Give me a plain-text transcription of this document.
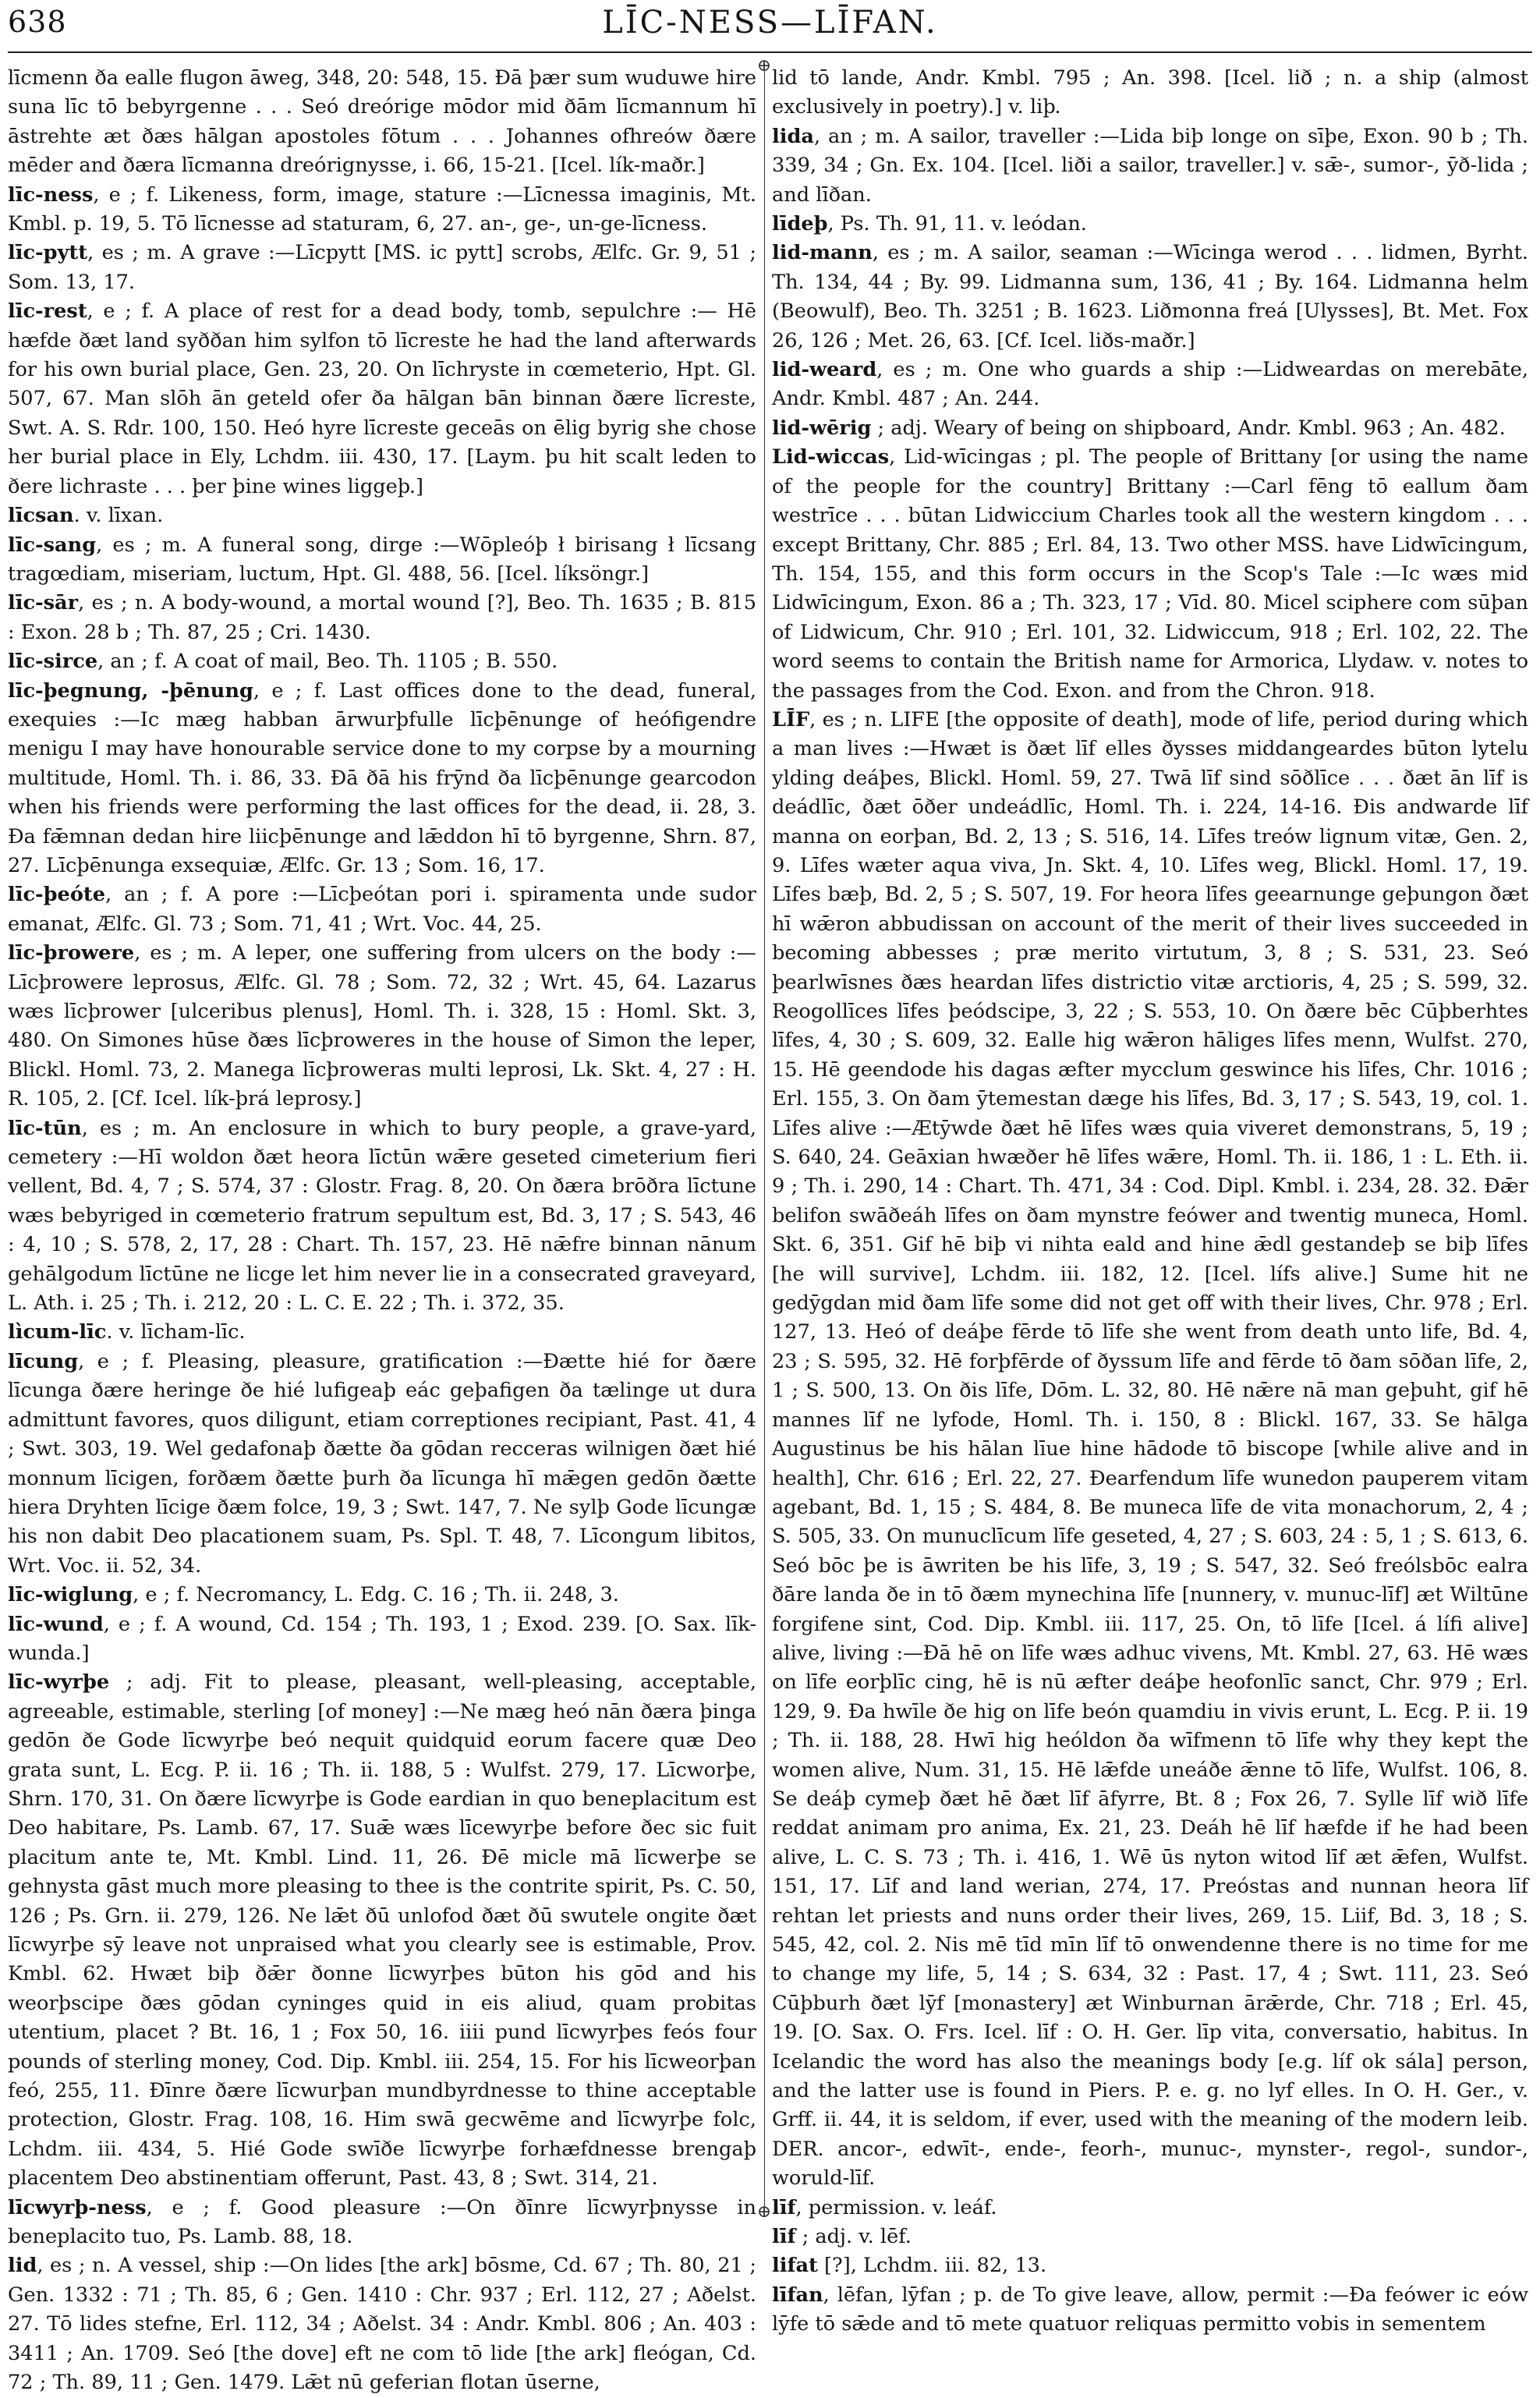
638	LĪC-NESS—LĪFAN.
⊕
⊕

līcmenn ða ealle flugon āweg, 348, 20: 548, 15. Ðā þær sum wuduwe hire suna līc tō bebyrgenne . . . Seó dreórige mōdor mid ðām līcmannum hī āstrehte æt ðæs hālgan apostoles fōtum . . . Johannes ofhreów ðære mēder and ðæra līcmanna dreórignysse, i. 66, 15-21. [Icel. lík-maðr.]

līc-ness, e ; f. Likeness, form, image, stature :—Līcnessa imaginis, Mt. Kmbl. p. 19, 5. Tō līcnesse ad staturam, 6, 27. an-, ge-, un-ge-līcness.

līc-pytt, es ; m. A grave :—Līcpytt [MS. ic pytt] scrobs, Ælfc. Gr. 9, 51 ; Som. 13, 17.

līc-rest, e ; f. A place of rest for a dead body, tomb, sepulchre :— Hē hæfde ðæt land syððan him sylfon tō līcreste he had the land afterwards for his own burial place, Gen. 23, 20. On līchryste in cœmeterio, Hpt. Gl. 507, 67. Man slōh ān geteld ofer ða hālgan bān binnan ðære līcreste, Swt. A. S. Rdr. 100, 150. Heó hyre līcreste geceās on ēlig byrig she chose her burial place in Ely, Lchdm. iii. 430, 17. [Laym. þu hit scalt leden to ðere lichraste . . . þer þine wines liggeþ.]

līcsan. v. līxan.

līc-sang, es ; m. A funeral song, dirge :—Wōpleóþ ł birisang ł līcsang tragœdiam, miseriam, luctum, Hpt. Gl. 488, 56. [Icel. líksöngr.]

līc-sār, es ; n. A body-wound, a mortal wound [?], Beo. Th. 1635 ; B. 815 : Exon. 28 b ; Th. 87, 25 ; Cri. 1430.

līc-sirce, an ; f. A coat of mail, Beo. Th. 1105 ; B. 550.

līc-þegnung, -þēnung, e ; f. Last offices done to the dead, funeral, exequies :—Ic mæg habban ārwurþfulle līcþēnunge of heófigendre menigu I may have honourable service done to my corpse by a mourning multitude, Homl. Th. i. 86, 33. Ðā ðā his frȳnd ða līcþēnunge gearcodon when his friends were performing the last offices for the dead, ii. 28, 3. Ða fǣmnan dedan hire liicþēnunge and lǣddon hī tō byrgenne, Shrn. 87, 27. Līcþēnunga exsequiæ, Ælfc. Gr. 13 ; Som. 16, 17.

līc-þeóte, an ; f. A pore :—Līcþeótan pori i. spiramenta unde sudor emanat, Ælfc. Gl. 73 ; Som. 71, 41 ; Wrt. Voc. 44, 25.

līc-þrowere, es ; m. A leper, one suffering from ulcers on the body :— Līcþrowere leprosus, Ælfc. Gl. 78 ; Som. 72, 32 ; Wrt. 45, 64. Lazarus wæs līcþrower [ulceribus plenus], Homl. Th. i. 328, 15 : Homl. Skt. 3, 480. On Simones hūse ðæs līcþroweres in the house of Simon the leper, Blickl. Homl. 73, 2. Manega līcþroweras multi leprosi, Lk. Skt. 4, 27 : H. R. 105, 2. [Cf. Icel. lík-þrá leprosy.]

līc-tūn, es ; m. An enclosure in which to bury people, a grave-yard, cemetery :—Hī woldon ðæt heora līctūn wǣre geseted cimeterium fieri vellent, Bd. 4, 7 ; S. 574, 37 : Glostr. Frag. 8, 20. On ðæra brōðra līctune wæs bebyriged in cœmeterio fratrum sepultum est, Bd. 3, 17 ; S. 543, 46 : 4, 10 ; S. 578, 2, 17, 28 : Chart. Th. 157, 23. Hē nǣfre binnan nānum gehālgodum līctūne ne licge let him never lie in a consecrated graveyard, L. Ath. i. 25 ; Th. i. 212, 20 : L. C. E. 22 ; Th. i. 372, 35.

lìcum-līc. v. līcham-līc.

līcung, e ; f. Pleasing, pleasure, gratification :—Ðætte hié for ðære līcunga ðære heringe ðe hié lufigeaþ eác geþafigen ða tælinge ut dura admittunt favores, quos diligunt, etiam correptiones recipiant, Past. 41, 4 ; Swt. 303, 19. Wel gedafonaþ ðætte ða gōdan recceras wilnigen ðæt hié monnum līcigen, forðæm ðætte þurh ða līcunga hī mǣgen gedōn ðætte hiera Dryhten līcige ðæm folce, 19, 3 ; Swt. 147, 7. Ne sylþ Gode līcungæ his non dabit Deo placationem suam, Ps. Spl. T. 48, 7. Līcongum libitos, Wrt. Voc. ii. 52, 34.

līc-wiglung, e ; f. Necromancy, L. Edg. C. 16 ; Th. ii. 248, 3.

līc-wund, e ; f. A wound, Cd. 154 ; Th. 193, 1 ; Exod. 239. [O. Sax. līk-wunda.]

līc-wyrþe ; adj. Fit to please, pleasant, well-pleasing, acceptable, agreeable, estimable, sterling [of money] :—Ne mæg heó nān ðæra þinga gedōn ðe Gode līcwyrþe beó nequit quidquid eorum facere quæ Deo grata sunt, L. Ecg. P. ii. 16 ; Th. ii. 188, 5 : Wulfst. 279, 17. Līcworþe, Shrn. 170, 31. On ðære līcwyrþe is Gode eardian in quo beneplacitum est Deo habitare, Ps. Lamb. 67, 17. Suǣ wæs līcewyrþe before ðec sic fuit placitum ante te, Mt. Kmbl. Lind. 11, 26. Ðē micle mā līcwerþe se gehnysta gāst much more pleasing to thee is the contrite spirit, Ps. C. 50, 126 ; Ps. Grn. ii. 279, 126. Ne lǣt ðū unlofod ðæt ðū swutele ongite ðæt līcwyrþe sȳ leave not unpraised what you clearly see is estimable, Prov. Kmbl. 62. Hwæt biþ ðǣr ðonne līcwyrþes būton his gōd and his weorþscipe ðæs gōdan cyninges quid in eis aliud, quam probitas utentium, placet ? Bt. 16, 1 ; Fox 50, 16. iiii pund līcwyrþes feós four pounds of sterling money, Cod. Dip. Kmbl. iii. 254, 15. For his līcweorþan feó, 255, 11. Ðīnre ðære līcwurþan mundbyrdnesse to thine acceptable protection, Glostr. Frag. 108, 16. Him swā gecwēme and līcwyrþe folc, Lchdm. iii. 434, 5. Hié Gode swīðe līcwyrþe forhæfdnesse brengaþ placentem Deo abstinentiam offerunt, Past. 43, 8 ; Swt. 314, 21.

līcwyrþ-ness, e ; f. Good pleasure :—On ðīnre līcwyrþnysse in beneplacito tuo, Ps. Lamb. 88, 18.

lid, es ; n. A vessel, ship :—On lides [the ark] bōsme, Cd. 67 ; Th. 80, 21 ; Gen. 1332 : 71 ; Th. 85, 6 ; Gen. 1410 : Chr. 937 ; Erl. 112, 27 ; Aðelst. 27. Tō lides stefne, Erl. 112, 34 ; Aðelst. 34 : Andr. Kmbl. 806 ; An. 403 : 3411 ; An. 1709. Seó [the dove] eft ne com tō lide [the ark] fleógan, Cd. 72 ; Th. 89, 11 ; Gen. 1479. Lǣt nū geferian flotan ūserne,

lid tō lande, Andr. Kmbl. 795 ; An. 398. [Icel. lið ; n. a ship (almost exclusively in poetry).] v. liþ.

lida, an ; m. A sailor, traveller :—Lida biþ longe on sīþe, Exon. 90 b ; Th. 339, 34 ; Gn. Ex. 104. [Icel. liði a sailor, traveller.] v. sǣ-, sumor-, ȳð-lida ; and līðan.

līdeþ, Ps. Th. 91, 11. v. leódan.

lid-mann, es ; m. A sailor, seaman :—Wīcinga werod . . . lidmen, Byrht. Th. 134, 44 ; By. 99. Lidmanna sum, 136, 41 ; By. 164. Lidmanna helm (Beowulf), Beo. Th. 3251 ; B. 1623. Liðmonna freá [Ulysses], Bt. Met. Fox 26, 126 ; Met. 26, 63. [Cf. Icel. liðs-maðr.]

lid-weard, es ; m. One who guards a ship :—Lidweardas on merebāte, Andr. Kmbl. 487 ; An. 244.

lid-wērig ; adj. Weary of being on shipboard, Andr. Kmbl. 963 ; An. 482.

Lid-wiccas, Lid-wīcingas ; pl. The people of Brittany [or using the name of the people for the country] Brittany :—Carl fēng tō eallum ðam westrīce . . . būtan Lidwiccium Charles took all the western kingdom . . . except Brittany, Chr. 885 ; Erl. 84, 13. Two other MSS. have Lidwīcingum, Th. 154, 155, and this form occurs in the Scop's Tale :—Ic wæs mid Lidwīcingum, Exon. 86 a ; Th. 323, 17 ; Vīd. 80. Micel sciphere com sūþan of Lidwicum, Chr. 910 ; Erl. 101, 32. Lidwiccum, 918 ; Erl. 102, 22. The word seems to contain the British name for Armorica, Llydaw. v. notes to the passages from the Cod. Exon. and from the Chron. 918.

LĪF, es ; n. LIFE [the opposite of death], mode of life, period during which a man lives :—Hwæt is ðæt līf elles ðysses middangeardes būton lytelu ylding deáþes, Blickl. Homl. 59, 27. Twā līf sind sōðlīce . . . ðæt ān līf is deádlīc, ðæt ōðer undeádlīc, Homl. Th. i. 224, 14-16. Ðis andwarde līf manna on eorþan, Bd. 2, 13 ; S. 516, 14. Līfes treów lignum vitæ, Gen. 2, 9. Līfes wæter aqua viva, Jn. Skt. 4, 10. Līfes weg, Blickl. Homl. 17, 19. Līfes bæþ, Bd. 2, 5 ; S. 507, 19. For heora līfes geearnunge geþungon ðæt hī wǣron abbudissan on account of the merit of their lives succeeded in becoming abbesses ; præ merito virtutum, 3, 8 ; S. 531, 23. Seó þearlwīsnes ðæs heardan līfes districtio vitæ arctioris, 4, 25 ; S. 599, 32. Reogollīces līfes þeódscipe, 3, 22 ; S. 553, 10. On ðære bēc Cūþberhtes līfes, 4, 30 ; S. 609, 32. Ealle hig wǣron hāliges līfes menn, Wulfst. 270, 15. Hē geendode his dagas æfter mycclum geswince his līfes, Chr. 1016 ; Erl. 155, 3. On ðam ȳtemestan dæge his līfes, Bd. 3, 17 ; S. 543, 19, col. 1. Līfes alive :—Ætȳwde ðæt hē līfes wæs quia viveret demonstrans, 5, 19 ; S. 640, 24. Geāxian hwæðer hē līfes wǣre, Homl. Th. ii. 186, 1 : L. Eth. ii. 9 ; Th. i. 290, 14 : Chart. Th. 471, 34 : Cod. Dipl. Kmbl. i. 234, 28. 32. Ðǣr belifon swāðeáh līfes on ðam mynstre feówer and twentig muneca, Homl. Skt. 6, 351. Gif hē biþ vi nihta eald and hine ǣdl gestandeþ se biþ līfes [he will survive], Lchdm. iii. 182, 12. [Icel. lífs alive.] Sume hit ne gedȳgdan mid ðam līfe some did not get off with their lives, Chr. 978 ; Erl. 127, 13. Heó of deáþe fērde tō līfe she went from death unto life, Bd. 4, 23 ; S. 595, 32. Hē forþfērde of ðyssum līfe and fērde tō ðam sōðan līfe, 2, 1 ; S. 500, 13. On ðis līfe, Dōm. L. 32, 80. Hē nǣre nā man geþuht, gif hē mannes līf ne lyfode, Homl. Th. i. 150, 8 : Blickl. 167, 33. Se hālga Augustinus be his hālan līue hine hādode tō biscope [while alive and in health], Chr. 616 ; Erl. 22, 27. Ðearfendum līfe wunedon pauperem vitam agebant, Bd. 1, 15 ; S. 484, 8. Be muneca līfe de vita monachorum, 2, 4 ; S. 505, 33. On munuclīcum līfe geseted, 4, 27 ; S. 603, 24 : 5, 1 ; S. 613, 6. Seó bōc þe is āwriten be his līfe, 3, 19 ; S. 547, 32. Seó freólsbōc ealra ðāre landa ðe in tō ðæm mynechina līfe [nunnery, v. munuc-līf] æt Wiltūne forgifene sint, Cod. Dip. Kmbl. iii. 117, 25. On, tō līfe [Icel. á lífi alive] alive, living :—Ðā hē on līfe wæs adhuc vivens, Mt. Kmbl. 27, 63. Hē wæs on līfe eorþlīc cing, hē is nū æfter deáþe heofonlīc sanct, Chr. 979 ; Erl. 129, 9. Ða hwīle ðe hig on līfe beón quamdiu in vivis erunt, L. Ecg. P. ii. 19 ; Th. ii. 188, 28. Hwī hig heóldon ða wīfmenn tō līfe why they kept the women alive, Num. 31, 15. Hē lǣfde uneáðe ǣnne tō līfe, Wulfst. 106, 8. Se deáþ cymeþ ðæt hē ðæt līf āfyrre, Bt. 8 ; Fox 26, 7. Sylle līf wið līfe reddat animam pro anima, Ex. 21, 23. Deáh hē līf hæfde if he had been alive, L. C. S. 73 ; Th. i. 416, 1. Wē ūs nyton witod līf æt ǣfen, Wulfst. 151, 17. Līf and land werian, 274, 17. Preóstas and nunnan heora līf rehtan let priests and nuns order their lives, 269, 15. Liif, Bd. 3, 18 ; S. 545, 42, col. 2. Nis mē tīd mīn līf tō onwendenne there is no time for me to change my life, 5, 14 ; S. 634, 32 : Past. 17, 4 ; Swt. 111, 23. Seó Cūþburh ðæt lȳf [monastery] æt Winburnan ārǣrde, Chr. 718 ; Erl. 45, 19. [O. Sax. O. Frs. Icel. līf : O. H. Ger. līp vita, conversatio, habitus. In Icelandic the word has also the meanings body [e.g. líf ok sála] person, and the latter use is found in Piers. P. e. g. no lyf elles. In O. H. Ger., v. Grff. ii. 44, it is seldom, if ever, used with the meaning of the modern leib. DER. ancor-, edwīt-, ende-, feorh-, munuc-, mynster-, regol-, sundor-, woruld-līf.

līf, permission. v. leáf.

līf ; adj. v. lēf.

lifat [?], Lchdm. iii. 82, 13.

līfan, lēfan, lȳfan ; p. de To give leave, allow, permit :—Ða feówer ic eów lȳfe tō sǣde and tō mete quatuor reliquas permitto vobis in sementem
